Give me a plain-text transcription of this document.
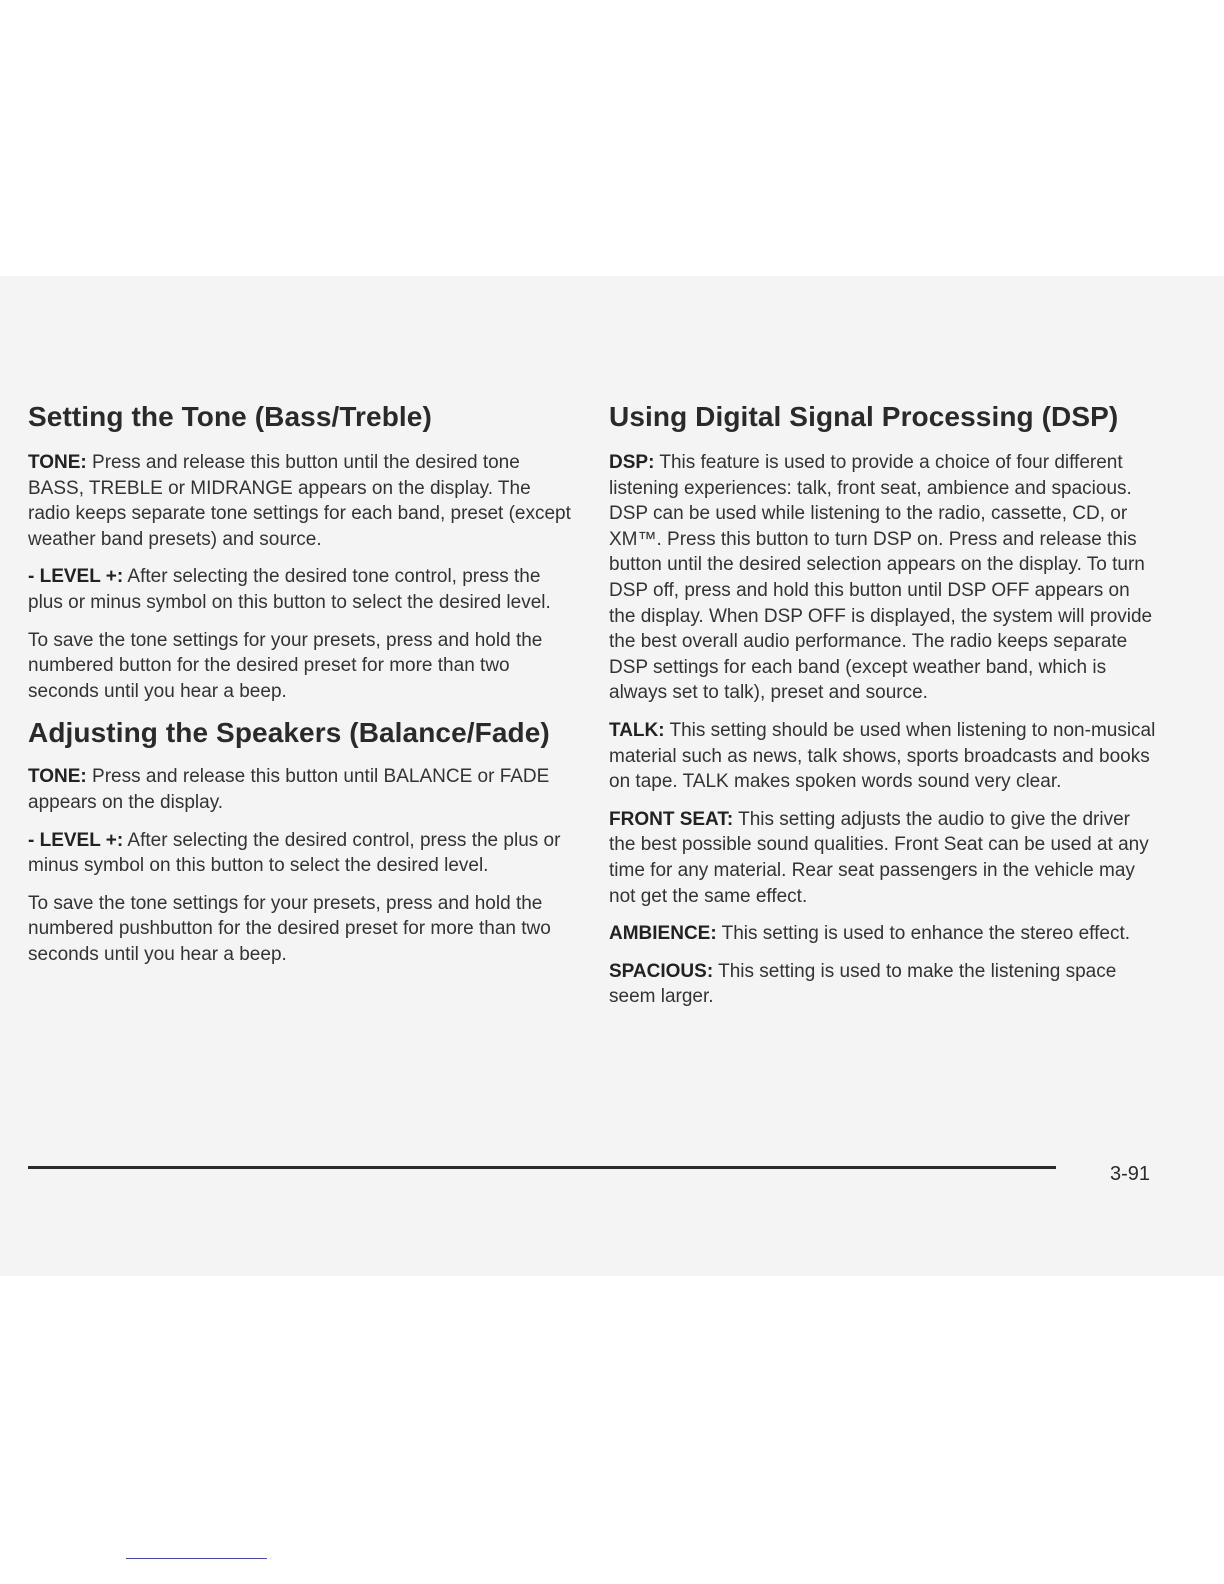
Setting the Tone (Bass/Treble)

TONE: Press and release this button until the desired tone BASS, TREBLE or MIDRANGE appears on the display. The radio keeps separate tone settings for each band, preset (except weather band presets) and source.

- LEVEL +: After selecting the desired tone control, press the plus or minus symbol on this button to select the desired level.

To save the tone settings for your presets, press and hold the numbered button for the desired preset for more than two seconds until you hear a beep.

Adjusting the Speakers (Balance/Fade)

TONE: Press and release this button until BALANCE or FADE appears on the display.

- LEVEL +: After selecting the desired control, press the plus or minus symbol on this button to select the desired level.

To save the tone settings for your presets, press and hold the numbered pushbutton for the desired preset for more than two seconds until you hear a beep.

Using Digital Signal Processing (DSP)

DSP: This feature is used to provide a choice of four different listening experiences: talk, front seat, ambience and spacious. DSP can be used while listening to the radio, cassette, CD, or XM™. Press this button to turn DSP on. Press and release this button until the desired selection appears on the display. To turn DSP off, press and hold this button until DSP OFF appears on the display. When DSP OFF is displayed, the system will provide the best overall audio performance. The radio keeps separate DSP settings for each band (except weather band, which is always set to talk), preset and source.

TALK: This setting should be used when listening to non-musical material such as news, talk shows, sports broadcasts and books on tape. TALK makes spoken words sound very clear.

FRONT SEAT: This setting adjusts the audio to give the driver the best possible sound qualities. Front Seat can be used at any time for any material. Rear seat passengers in the vehicle may not get the same effect.

AMBIENCE: This setting is used to enhance the stereo effect.

SPACIOUS: This setting is used to make the listening space seem larger.

3-91
